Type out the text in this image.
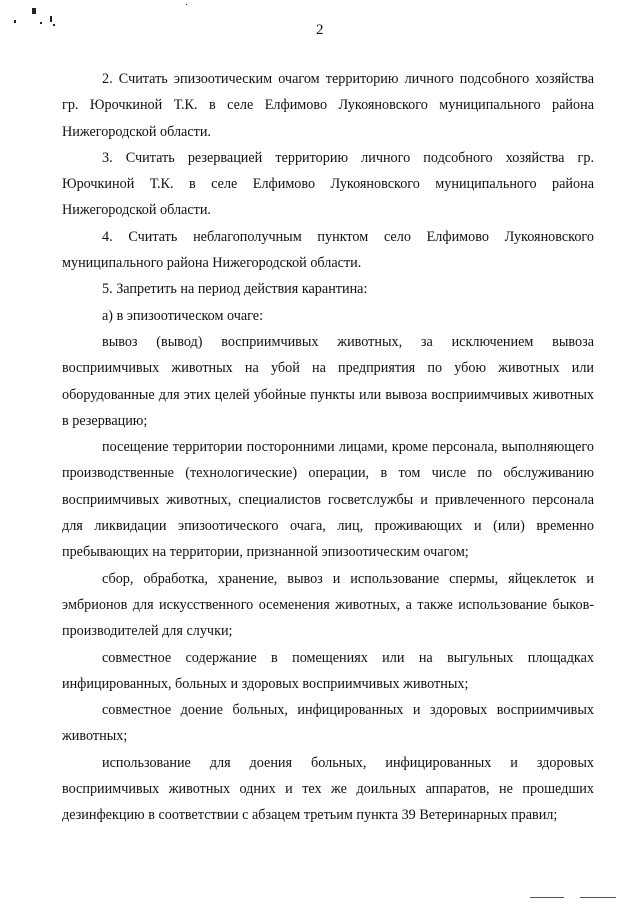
2

2. Считать эпизоотическим очагом территорию личного подсобного хозяйства гр. Юрочкиной Т.К. в селе Елфимово Лукояновского муниципального района Нижегородской области.

3. Считать резервацией территорию личного подсобного хозяйства гр. Юрочкиной Т.К. в селе Елфимово Лукояновского муниципального района Нижегородской области.

4. Считать неблагополучным пунктом село Елфимово Лукояновского муниципального района Нижегородской области.

5. Запретить на период действия карантина:

а) в эпизоотическом очаге:

вывоз (вывод) восприимчивых животных, за исключением вывоза восприимчивых животных на убой на предприятия по убою животных или оборудованные для этих целей убойные пункты или вывоза восприимчивых животных в резервацию;

посещение территории посторонними лицами, кроме персонала, выполняющего производственные (технологические) операции, в том числе по обслуживанию восприимчивых животных, специалистов госветслужбы и привлеченного персонала для ликвидации эпизоотического очага, лиц, проживающих и (или) временно пребывающих на территории, признанной эпизоотическим очагом;

сбор, обработка, хранение, вывоз и использование спермы, яйцеклеток и эмбрионов для искусственного осеменения животных, а также использование быков-производителей для случки;

совместное содержание в помещениях или на выгульных площадках инфицированных, больных и здоровых восприимчивых животных;

совместное доение больных, инфицированных и здоровых восприимчивых животных;

использование для доения больных, инфицированных и здоровых восприимчивых животных одних и тех же доильных аппаратов, не прошедших дезинфекцию в соответствии с абзацем третьим пункта 39 Ветеринарных правил;
